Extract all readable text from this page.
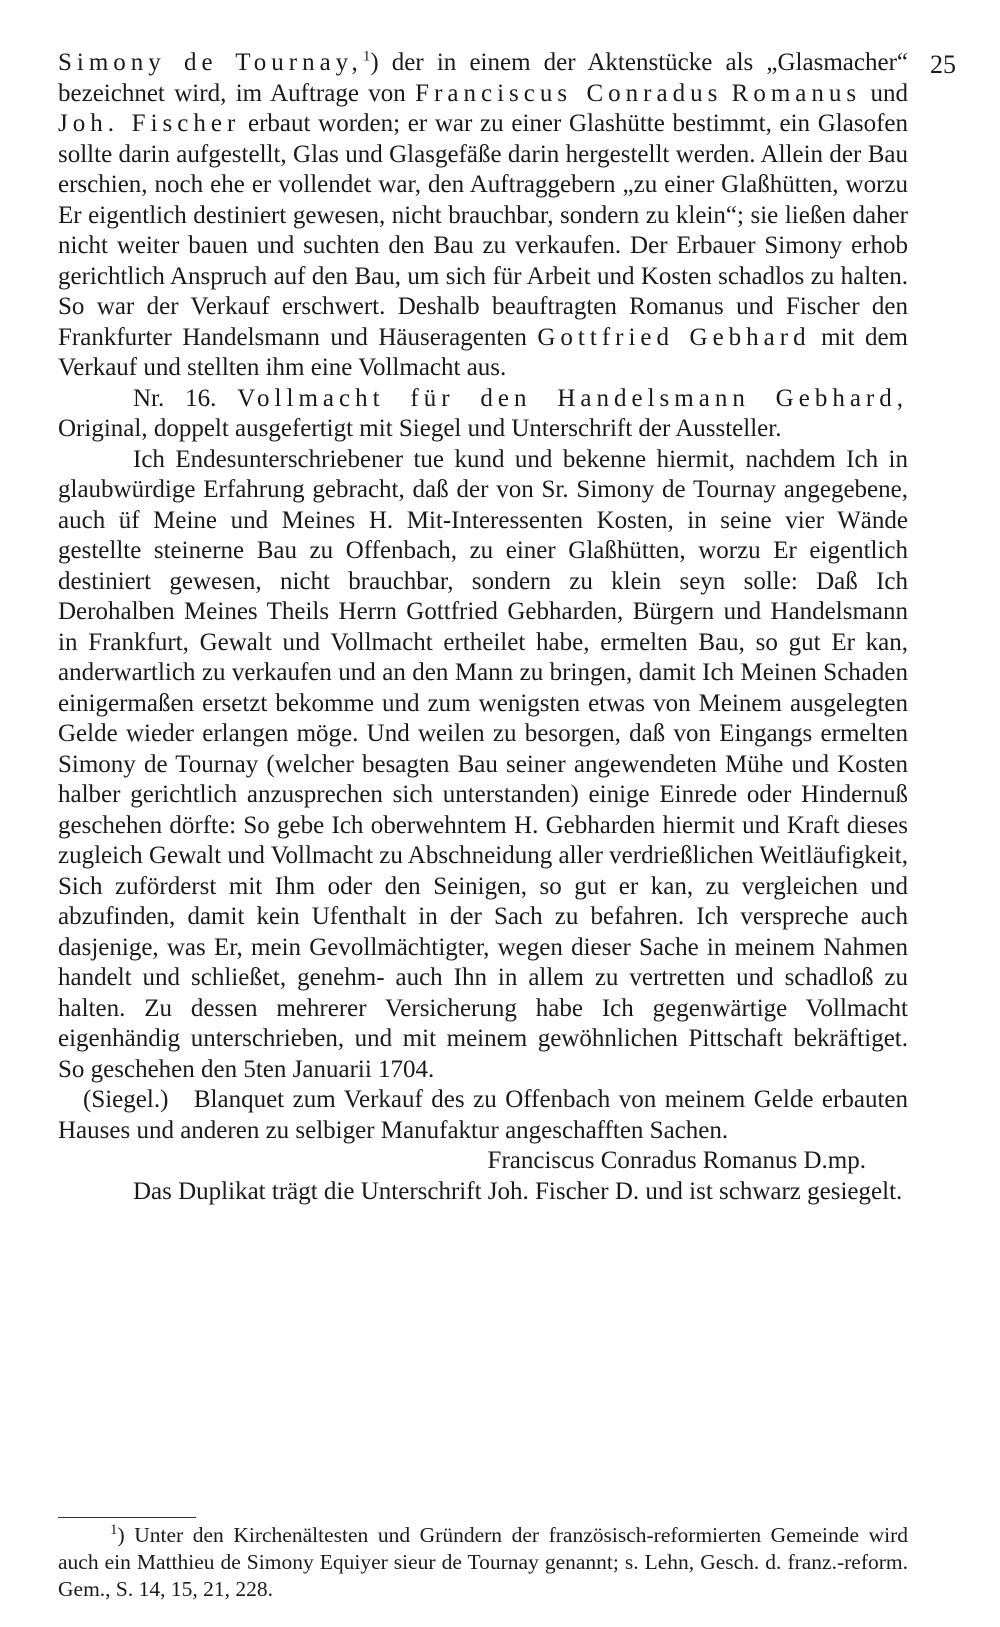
25

Simony de Tournay,$^1$) der in einem der Aktenstücke als „Glasmacher“ bezeichnet wird, im Auftrage von Franciscus Conradus Romanus und Joh. Fischer erbaut worden; er war zu einer Glashütte bestimmt, ein Glasofen sollte darin aufgestellt, Glas und Glasgefäße darin hergestellt werden. Allein der Bau erschien, noch ehe er vollendet war, den Auftraggebern „zu einer Glaßhütten, worzu Er eigentlich destiniert gewesen, nicht brauchbar, sondern zu klein“; sie ließen daher nicht weiter bauen und suchten den Bau zu verkaufen. Der Erbauer Simony erhob gerichtlich Anspruch auf den Bau, um sich für Arbeit und Kosten schadlos zu halten. So war der Verkauf erschwert. Deshalb beauftragten Romanus und Fischer den Frankfurter Handelsmann und Häuseragenten Gottfried Gebhard mit dem Verkauf und stellten ihm eine Vollmacht aus.

Nr. 16. Vollmacht für den Handelsmann Gebhard, Original, doppelt ausgefertigt mit Siegel und Unterschrift der Aussteller.

Ich Endesunterschriebener tue kund und bekenne hiermit, nachdem Ich in glaubwürdige Erfahrung gebracht, daß der von Sr. Simony de Tournay angegebene, auch üf Meine und Meines H. Mit-Interessenten Kosten, in seine vier Wände gestellte steinerne Bau zu Offenbach, zu einer Glaßhütten, worzu Er eigentlich destiniert gewesen, nicht brauchbar, sondern zu klein seyn solle: Daß Ich Derohalben Meines Theils Herrn Gottfried Gebharden, Bürgern und Handelsmann in Frankfurt, Gewalt und Vollmacht ertheilet habe, ermelten Bau, so gut Er kan, anderwartlich zu verkaufen und an den Mann zu bringen, damit Ich Meinen Schaden einigermaßen ersetzt bekomme und zum wenigsten etwas von Meinem ausgelegten Gelde wieder erlangen möge. Und weilen zu besorgen, daß von Eingangs ermelten Simony de Tournay (welcher besagten Bau seiner angewendeten Mühe und Kosten halber gerichtlich anzusprechen sich unterstanden) einige Einrede oder Hindernuß geschehen dörfte: So gebe Ich oberwehntem H. Gebharden hiermit und Kraft dieses zugleich Gewalt und Vollmacht zu Abschneidung aller verdrießlichen Weitläufigkeit, Sich zuförderst mit Ihm oder den Seinigen, so gut er kan, zu vergleichen und abzufinden, damit kein Ufenthalt in der Sach zu befahren. Ich verspreche auch dasjenige, was Er, mein Gevollmächtigter, wegen dieser Sache in meinem Nahmen handelt und schließet, genehm- auch Ihn in allem zu vertretten und schadloß zu halten. Zu dessen mehrerer Versicherung habe Ich gegenwärtige Vollmacht eigenhändig unterschrieben, und mit meinem gewöhnlichen Pittschaft bekräftiget. So geschehen den 5ten Januarii 1704.

(Siegel.) Blanquet zum Verkauf des zu Offenbach von meinem Gelde erbauten Hauses und anderen zu selbiger Manufaktur angeschafften Sachen.

Franciscus Conradus Romanus D.mp.

Das Duplikat trägt die Unterschrift Joh. Fischer D. und ist schwarz gesiegelt.

$^1$) Unter den Kirchenältesten und Gründern der französisch-reformierten Gemeinde wird auch ein Matthieu de Simony Equiyer sieur de Tournay genannt; s. Lehn, Gesch. d. franz.-reform. Gem., S. 14, 15, 21, 228.
